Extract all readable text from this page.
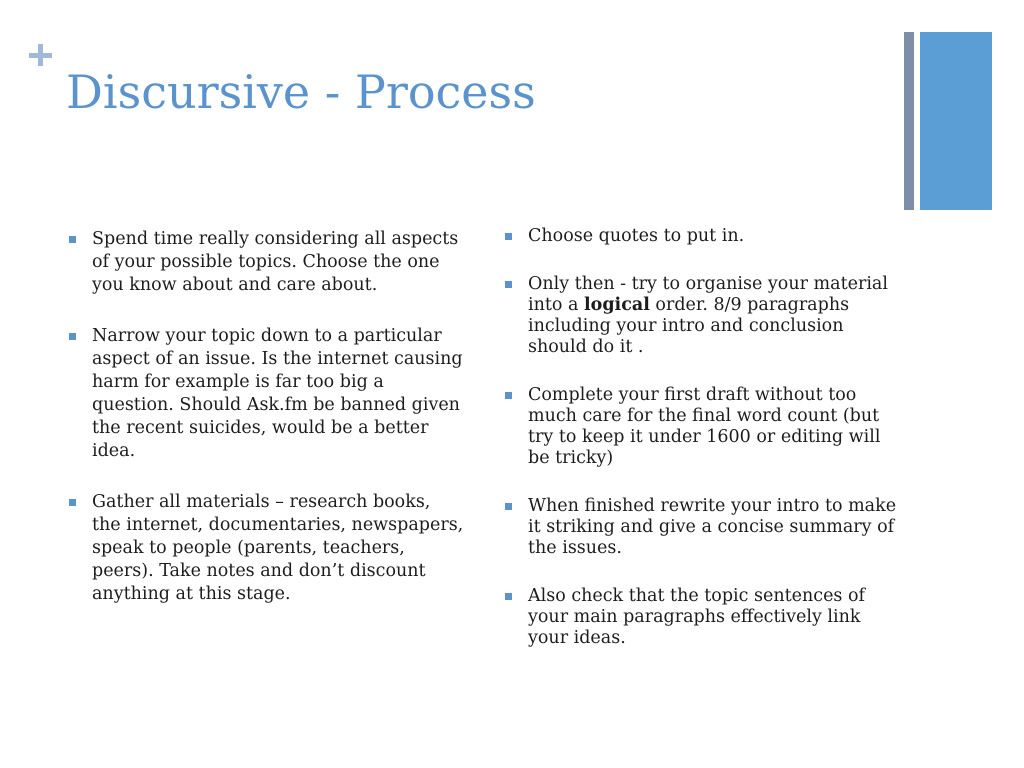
Discursive - Process
Spend time really considering all aspects of your possible topics. Choose the one you know about and care about.
Narrow your topic down to a particular aspect of an issue. Is the internet causing harm for example is far too big a question. Should Ask.fm be banned given the recent suicides, would be a better idea.
Gather all materials – research books, the internet, documentaries, newspapers, speak to people (parents, teachers, peers). Take notes and don’t discount anything at this stage.
Choose quotes to put in.
Only then - try to organise your material into a logical order. 8/9 paragraphs including your intro and conclusion should do it .
Complete your first draft without too much care for the final word count (but try to keep it under 1600 or editing will be tricky)
When finished rewrite your intro to make it striking and give a concise summary of the issues.
Also check that the topic sentences of your main paragraphs effectively link your ideas.
